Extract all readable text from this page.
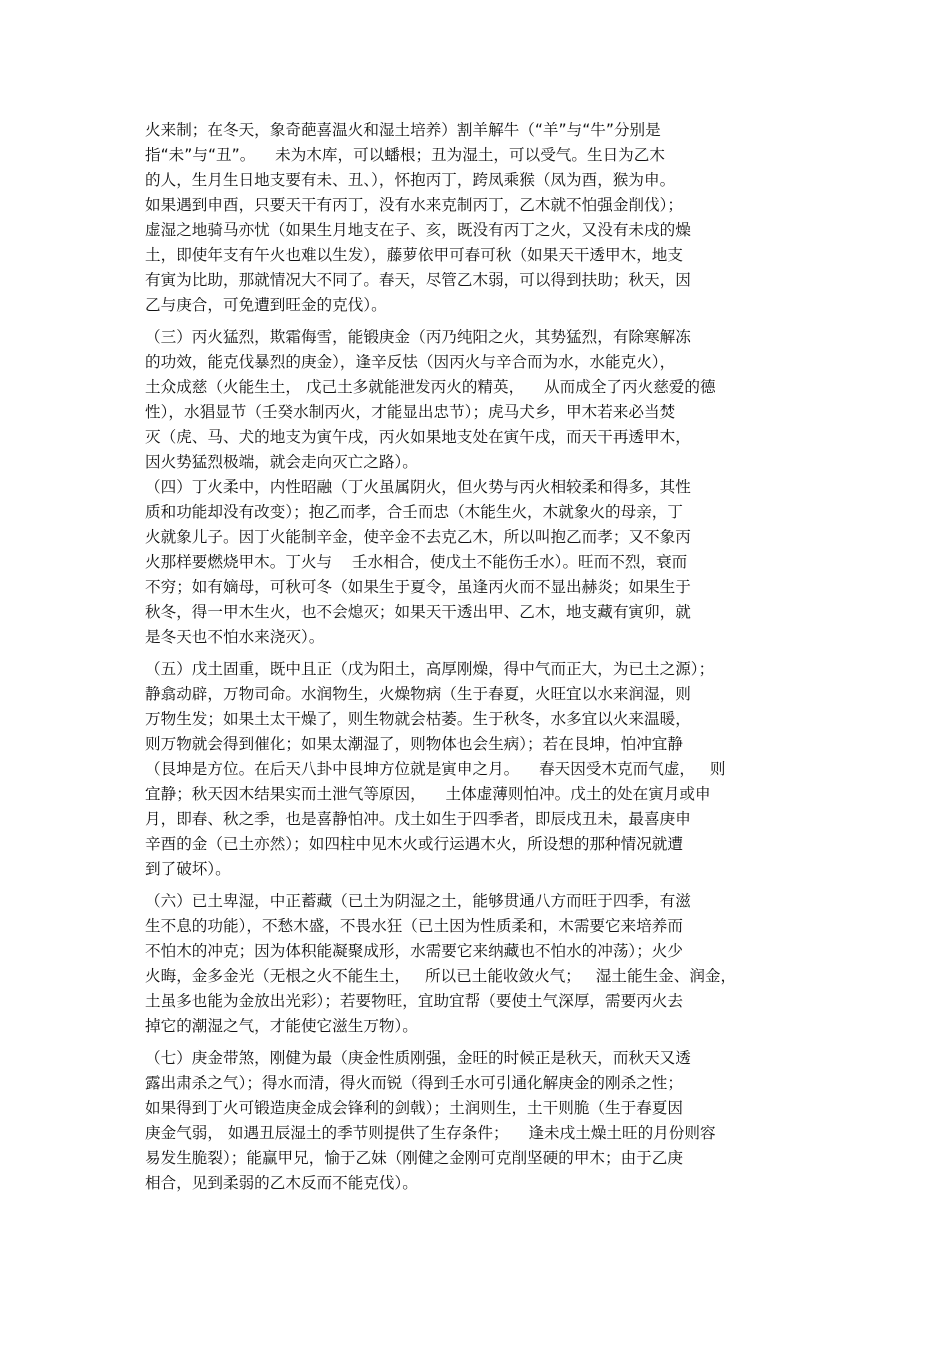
火来制；在冬天，象奇葩喜温火和湿土培养）割羊解牛（“羊”与“牛”分别是
指“未”与“丑”。    未为木库，可以蟠根；丑为湿土，可以受气。生日为乙木
的人，生月生日地支要有未、丑、），怀抱丙丁，跨凤乘猴（凤为酉，猴为申。
如果遇到申酉，只要天干有丙丁，没有水来克制丙丁，乙木就不怕强金削伐）；
虚湿之地骑马亦忧（如果生月地支在子、亥，既没有丙丁之火，又没有未戌的燥
土，即使年支有午火也难以生发），藤萝依甲可春可秋（如果天干透甲木，地支
有寅为比助，那就情况大不同了。春天，尽管乙木弱，可以得到扶助；秋天，因
乙与庚合，可免遭到旺金的克伐）。
（三）丙火猛烈，欺霜侮雪，能锻庚金（丙乃纯阳之火，其势猛烈，有除寒解冻
的功效，能克伐暴烈的庚金），逢辛反怯（因丙火与辛合而为水，水能克火），
土众成慈（火能生土， 戊己土多就能泄发丙火的精英，    从而成全了丙火慈爱的德
性），水猖显节（壬癸水制丙火，才能显出忠节）；虎马犬乡，甲木若来必当焚
灭（虎、马、犬的地支为寅午戌，丙火如果地支处在寅午戌，而天干再透甲木，
因火势猛烈极端，就会走向灭亡之路）。
（四）丁火柔中，内性昭融（丁火虽属阴火，但火势与丙火相较柔和得多，其性
质和功能却没有改变）；抱乙而孝，合壬而忠（木能生火，木就象火的母亲，丁
火就象儿子。因丁火能制辛金，使辛金不去克乙木，所以叫抱乙而孝；又不象丙
火那样要燃烧甲木。丁火与    壬水相合，使戊土不能伤壬水）。旺而不烈，衰而
不穷；如有嫡母，可秋可冬（如果生于夏令，虽逢丙火而不显出赫炎；如果生于
秋冬，得一甲木生火，也不会熄灭；如果天干透出甲、乙木，地支藏有寅卯，就
是冬天也不怕水来浇灭）。
（五）戊土固重，既中且正（戊为阳土，高厚刚燥，得中气而正大，为已土之源）；
静翕动辟，万物司命。水润物生，火燥物病（生于春夏，火旺宜以水来润湿，则
万物生发；如果土太干燥了，则生物就会枯萎。生于秋冬，水多宜以火来温暖，
则万物就会得到催化；如果太潮湿了，则物体也会生病）；若在艮坤，怕冲宜静
（艮坤是方位。在后天八卦中艮坤方位就是寅申之月。    春天因受木克而气虚，   则
宜静；秋天因木结果实而土泄气等原因，    土体虚薄则怕冲。戊土的处在寅月或申
月，即春、秋之季，也是喜静怕冲。戊土如生于四季者，即辰戌丑未，最喜庚申
辛酉的金（已土亦然）；如四柱中见木火或行运遇木火，所设想的那种情况就遭
到了破坏）。
（六）已土卑湿，中正蓄藏（已土为阴湿之土，能够贯通八方而旺于四季，有滋
生不息的功能），不愁木盛，不畏水狂（已土因为性质柔和，木需要它来培养而
不怕木的冲克；因为体积能凝聚成形，水需要它来纳藏也不怕水的冲荡）；火少
火晦，金多金光（无根之火不能生土，   所以已土能收敛火气；   湿土能生金、润金，
土虽多也能为金放出光彩）；若要物旺，宜助宜帮（要使土气深厚，需要丙火去
掉它的潮湿之气，才能使它滋生万物）。
（七）庚金带煞，刚健为最（庚金性质刚强，金旺的时候正是秋天，而秋天又透
露出肃杀之气）；得水而清，得火而锐（得到壬水可引通化解庚金的刚杀之性；
如果得到丁火可锻造庚金成会锋利的剑戟）；土润则生，土干则脆（生于春夏因
庚金气弱， 如遇丑辰湿土的季节则提供了生存条件；    逢未戌土燥土旺的月份则容
易发生脆裂）；能赢甲兄，愉于乙妹（刚健之金刚可克削坚硬的甲木；由于乙庚
相合，见到柔弱的乙木反而不能克伐）。
